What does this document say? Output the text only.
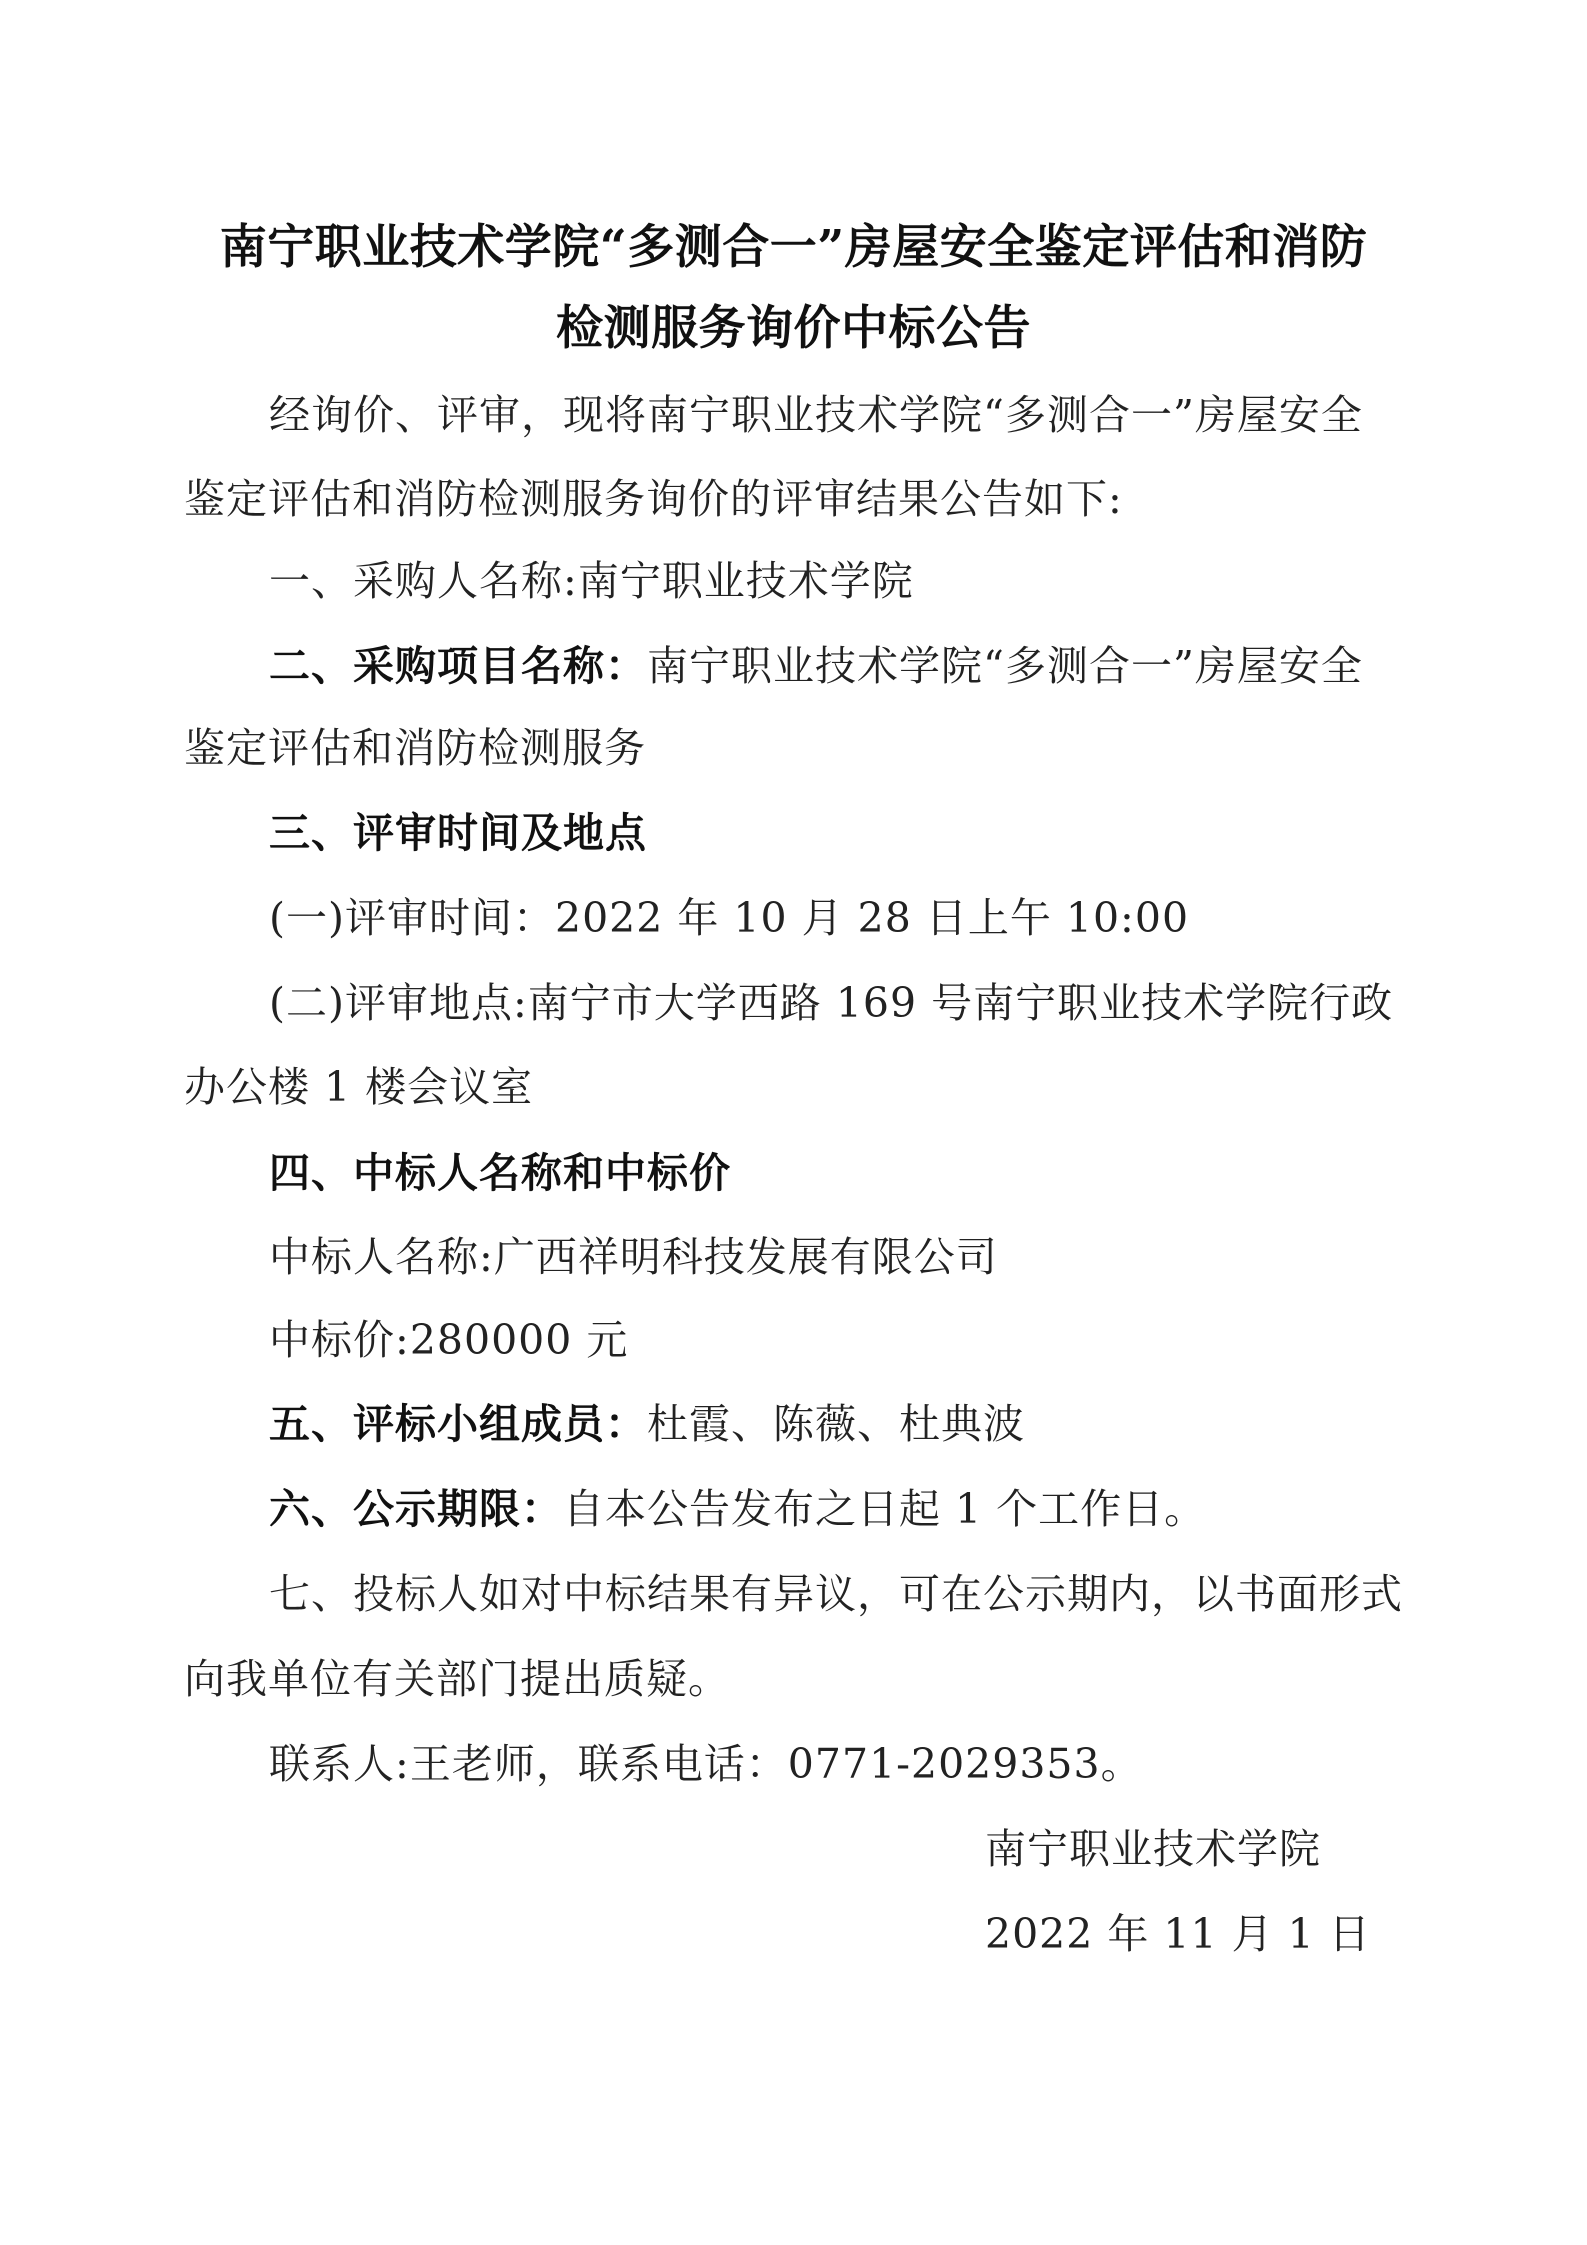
南宁职业技术学院“多测合一”房屋安全鉴定评估和消防
检测服务询价中标公告
经询价、评审，现将南宁职业技术学院“多测合一”房屋安全
鉴定评估和消防检测服务询价的评审结果公告如下:
一、采购人名称:南宁职业技术学院
二、采购项目名称：南宁职业技术学院“多测合一”房屋安全
鉴定评估和消防检测服务
三、评审时间及地点
(一)评审时间：2022 年 10 月 28 日上午 10:00
(二)评审地点:南宁市大学西路 169 号南宁职业技术学院行政
办公楼 1 楼会议室
四、中标人名称和中标价
中标人名称:广西祥明科技发展有限公司
中标价:280000 元
五、评标小组成员：杜霞、陈薇、杜典波
六、公示期限：自本公告发布之日起 1 个工作日。
七、投标人如对中标结果有异议，可在公示期内，以书面形式
向我单位有关部门提出质疑。
联系人:王老师，联系电话：0771-2029353。
南宁职业技术学院
2022 年 11 月 1 日
